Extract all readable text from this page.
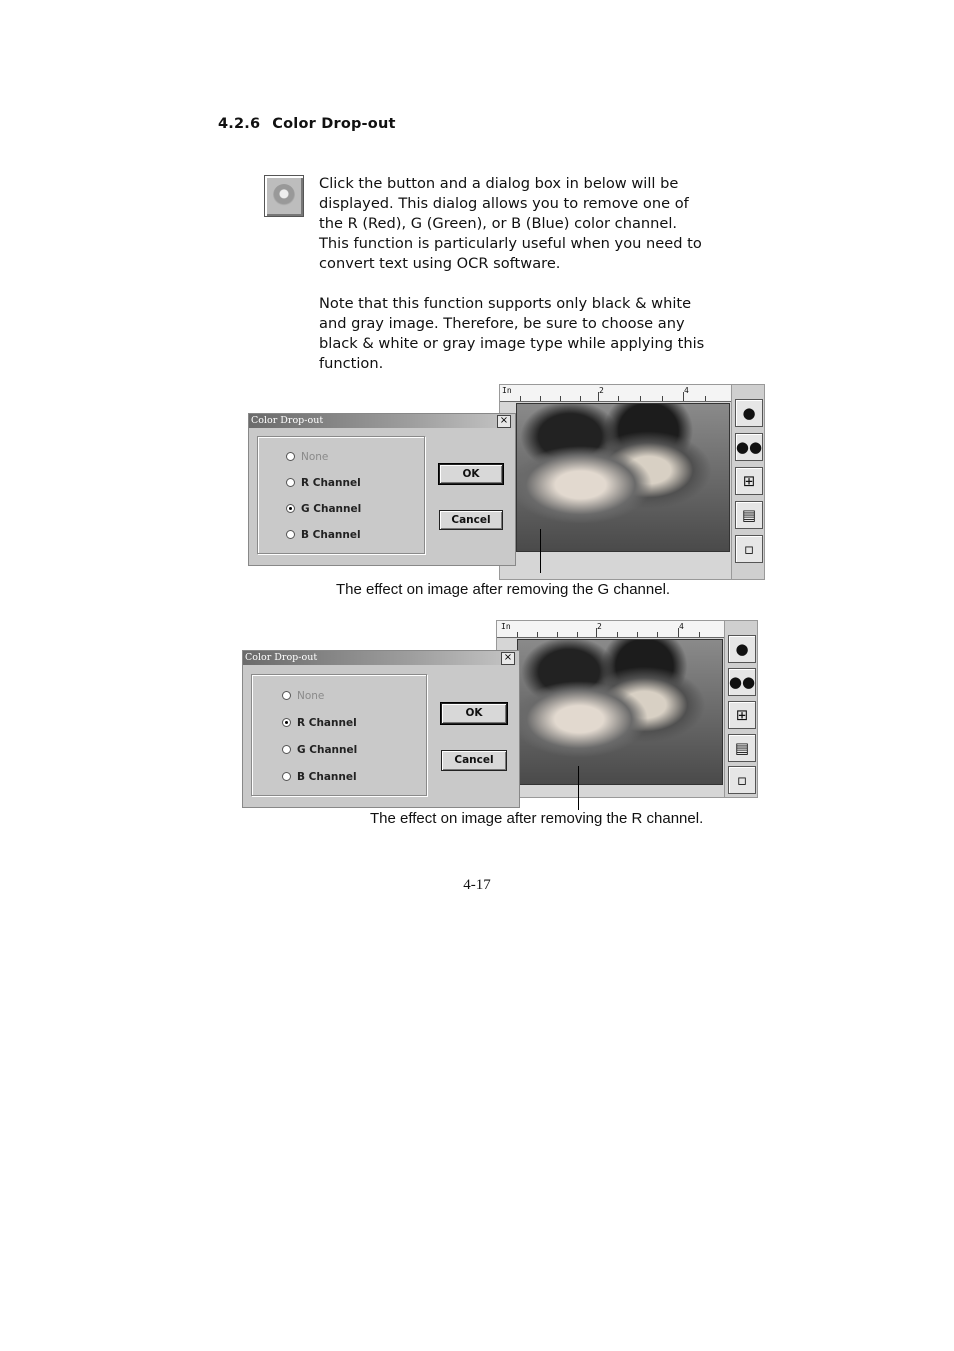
4.2.6 Color Drop-out
Click the button and a dialog box in below will be
displayed. This dialog allows you to remove one of
the R (Red), G (Green), or B (Blue) color channel.
This function is particularly useful when you need to
convert text using OCR software.
Note that this function supports only black & white
and gray image. Therefore, be sure to choose any
black & white or gray image type while applying this
function.
In	2	4
●
●●
⊞
▤
▫
Color Drop-out	×
None
R Channel
G Channel
B Channel
OK
Cancel
The effect on image after removing the G channel.
In	2	4
●
●●
⊞
▤
▫
Color Drop-out	×
None
R Channel
G Channel
B Channel
OK
Cancel
The effect on image after removing the R channel.
4-17
